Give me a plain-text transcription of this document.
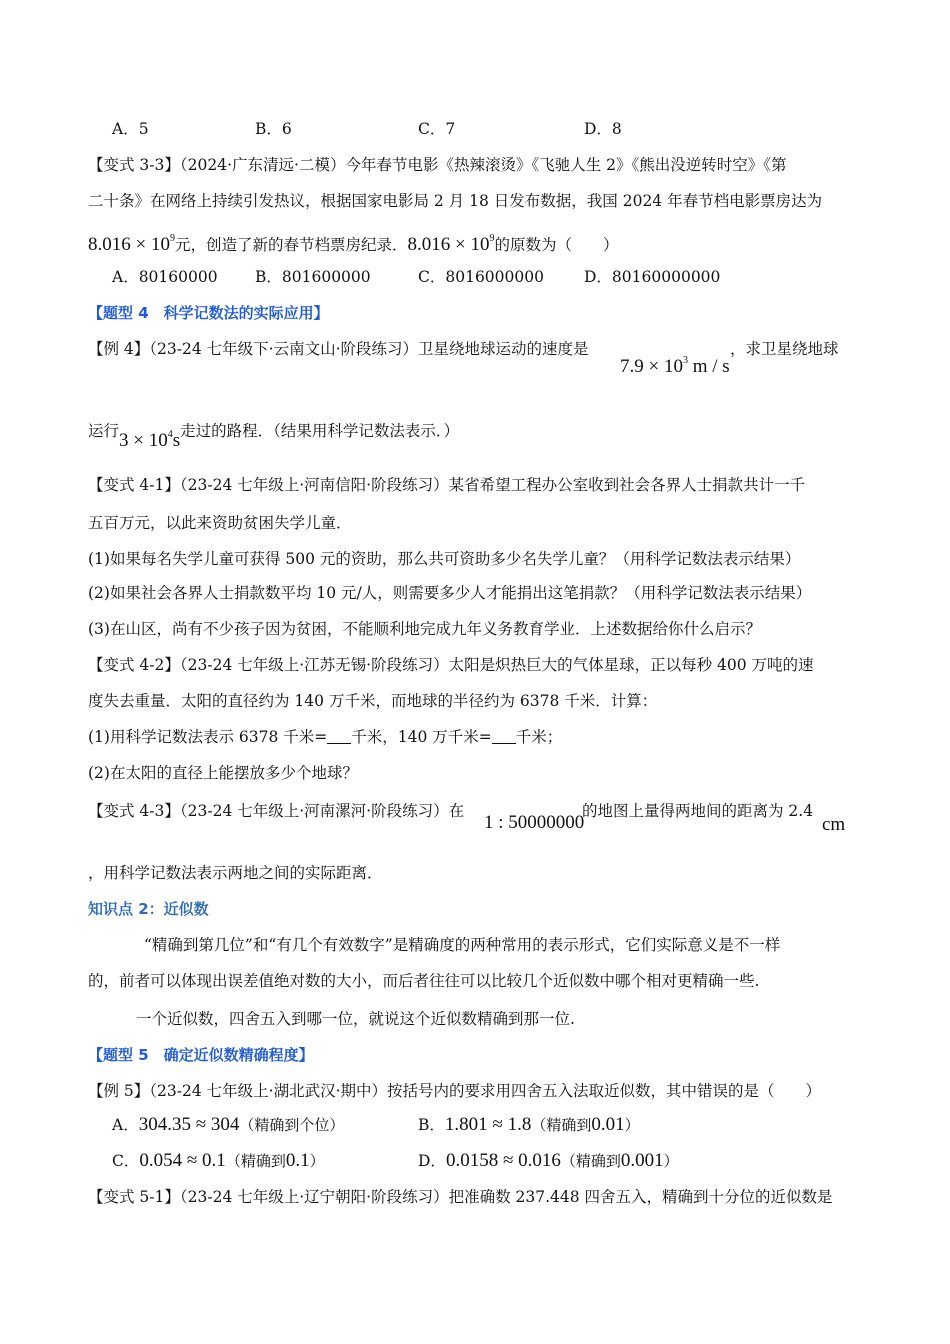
A．5	B．6	C．7	D．8
【变式 3-3】（2024·广东清远·二模）今年春节电影《热辣滚烫》《飞驰人生 2》《熊出没逆转时空》《第
二十条》在网络上持续引发热议，根据国家电影局 2 月 18 日发布数据，我国 2024 年春节档电影票房达为
$8.016 \times 10^9$元，创造了新的春节档票房纪录．$8.016 \times 10^9$的原数为（　　）
A．80160000 B．801600000	C．8016000000	D．80160000000
【题型 4　科学记数法的实际应用】
【例 4】（23-24 七年级下·云南文山·阶段练习）卫星绕地球运动的速度是
$7.9 \times 10^3$ m / s
，求卫星绕地球
运行$3 \times 10^4s$走过的路程．（结果用科学记数法表示．）
【变式 4-1】（23-24 七年级上·河南信阳·阶段练习）某省希望工程办公室收到社会各界人士捐款共计一千
五百万元，以此来资助贫困失学儿童．
(1)如果每名失学儿童可获得 500 元的资助，那么共可资助多少名失学儿童？（用科学记数法表示结果）
(2)如果社会各界人士捐款数平均 10 元/人，则需要多少人才能捐出这笔捐款？（用科学记数法表示结果）
(3)在山区，尚有不少孩子因为贫困，不能顺利地完成九年义务教育学业．上述数据给你什么启示？
【变式 4-2】（23-24 七年级上·江苏无锡·阶段练习）太阳是炽热巨大的气体星球，正以每秒 400 万吨的速
度失去重量．太阳的直径约为 140 万千米，而地球的半径约为 6378 千米．计算：
(1)用科学记数法表示 6378 千米= 千米，140 万千米= 千米；
(2)在太阳的直径上能摆放多少个地球？
【变式 4-3】（23-24 七年级上·河南漯河·阶段练习）在
1 : 50000000
的地图上量得两地间的距离为 2.4
cm
，用科学记数法表示两地之间的实际距离．
知识点 2：近似数
“精确到第几位”和“有几个有效数字”是精确度的两种常用的表示形式，它们实际意义是不一样
的，前者可以体现出误差值绝对数的大小，而后者往往可以比较几个近似数中哪个相对更精确一些.
一个近似数，四舍五入到哪一位，就说这个近似数精确到那一位.
【题型 5　确定近似数精确程度】
【例 5】（23-24 七年级上·湖北武汉·期中）按括号内的要求用四舍五入法取近似数，其中错误的是（　　）
A．304.35 ≈ 304（精确到个位）	B．1.801 ≈ 1.8（精确到0.01）
C．0.054 ≈ 0.1（精确到0.1）	D．0.0158 ≈ 0.016（精确到0.001）
【变式 5-1】（23-24 七年级上·辽宁朝阳·阶段练习）把准确数 237.448 四舍五入，精确到十分位的近似数是
